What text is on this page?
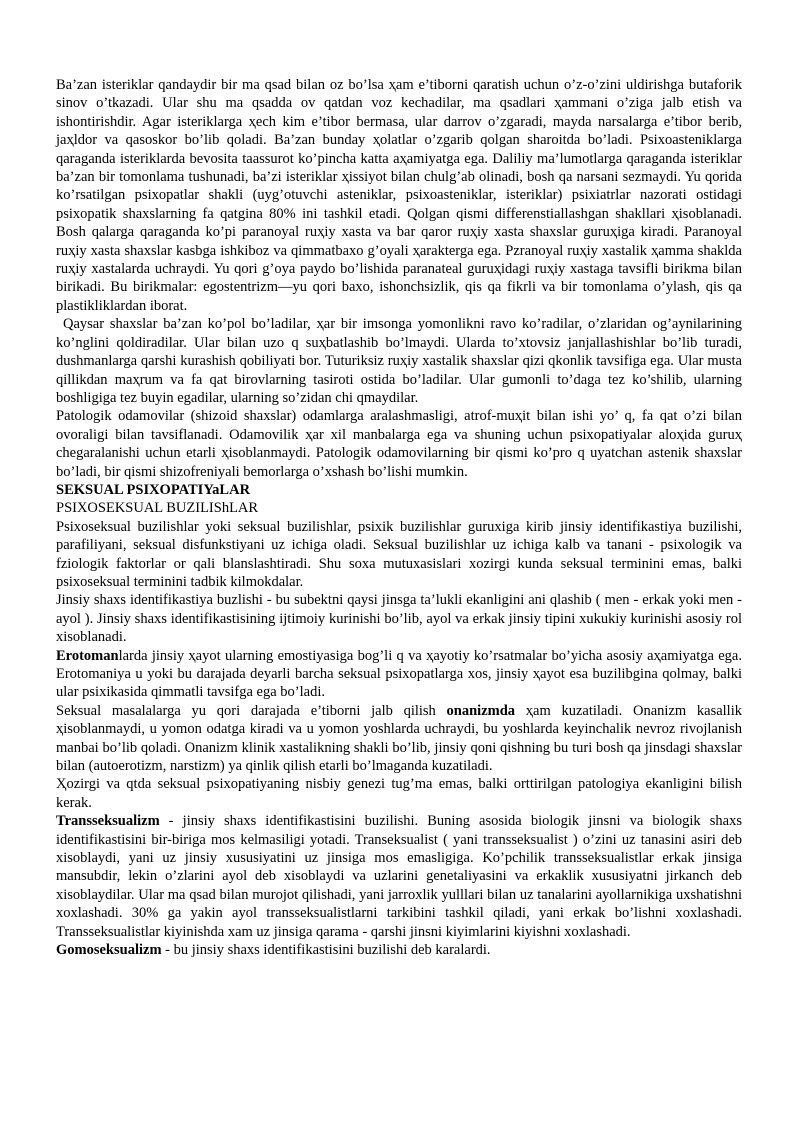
Ba’zan isteriklar qandaydir bir ma qsad bilan oz bo’lsa ҳam e’tiborni qaratish uchun o’z-o’zini uldirishga butaforik sinov o’tkazadi. Ular shu ma qsadda ov qatdan voz kechadilar, ma qsadlari ҳammani o’ziga jalb etish va ishontirishdir. Agar isteriklarga ҳech kim e’tibor bermasa, ular darrov o’zgaradi, mayda narsalarga e’tibor berib, jaҳldor va qasoskor bo’lib qoladi. Ba’zan bunday ҳolatlar o’zgarib qolgan sharoitda bo’ladi. Psixoasteniklarga qaraganda isteriklarda bevosita taassurot ko’pincha katta aҳamiyatga ega. Daliliy ma’lumotlarga qaraganda isteriklar ba’zan bir tomonlama tushunadi, ba’zi isteriklar ҳissiyot bilan chulg’ab olinadi, bosh qa narsani sezmaydi. Yu qorida ko’rsatilgan psixopatlar shakli (uyg’otuvchi asteniklar, psixoasteniklar, isteriklar) psixiatrlar nazorati ostidagi psixopatik shaxslarning fa qatgina 80% ini tashkil etadi. Qolgan qismi differenstiallashgan shakllari ҳisoblanadi. Bosh qalarga qaraganda ko’pi paranoyal ruҳiy xasta va bar qaror ruҳiy xasta shaxslar guruҳiga kiradi. Paranoyal ruҳiy xasta shaxslar kasbga ishkiboz va qimmatbaxo g’oyali ҳarakterga ega. Pzranoyal ruҳiy xastalik ҳamma shaklda ruҳiy xastalarda uchraydi. Yu qori g’oya paydo bo’lishida paranateal guruҳidagi ruҳiy xastaga tavsifli birikma bilan birikadi. Bu birikmalar: egostentrizm—yu qori baxo, ishonchsizlik, qis qa fikrli va bir tomonlama o’ylash, qis qa plastikliklardan iborat.

Qaysar shaxslar ba’zan ko’pol bo’ladilar, ҳar bir imsonga yomonlikni ravo ko’radilar, o’zlaridan og’aynilarining ko’nglini qoldiradilar. Ular bilan uzo q suҳbatlashib bo’lmaydi. Ularda to’xtovsiz janjallashishlar bo’lib turadi, dushmanlarga qarshi kurashish qobiliyati bor. Tuturiksiz ruҳiy xastalik shaxslar qizi qkonlik tavsifiga ega. Ular musta qillikdan maҳrum va fa qat birovlarning tasiroti ostida bo’ladilar. Ular gumonli to’daga tez ko’shilib, ularning boshligiga tez buyin egadilar, ularning so’zidan chi qmaydilar.

Patologik odamovilar (shizoid shaxslar) odamlarga aralashmasligi, atrof-muҳit bilan ishi yo’ q, fa qat o’zi bilan ovoraligi bilan tavsiflanadi. Odamovilik ҳar xil manbalarga ega va shuning uchun psixopatiyalar aloҳida guruҳ chegaralanishi uchun etarli ҳisoblanmaydi. Patologik odamovilarning bir qismi ko’pro q uyatchan astenik shaxslar bo’ladi, bir qismi shizofreniyali bemorlarga o’xshash bo’lishi mumkin.

SEKSUAL PSIXOPATIYaLAR

PSIXOSEKSUAL BUZILIShLAR

Psixoseksual buzilishlar yoki seksual buzilishlar, psixik buzilishlar guruxiga kirib jinsiy identifikastiya buzilishi, parafiliyani, seksual disfunkstiyani uz ichiga oladi. Seksual buzilishlar uz ichiga kalb va tanani - psixologik va fziologik faktorlar or qali blanslashtiradi. Shu soxa mutuxasislari xozirgi kunda seksual terminini emas, balki psixoseksual terminini tadbik kilmokdalar.

Jinsiy shaxs identifikastiya buzlishi - bu subektni qaysi jinsga ta’lukli ekanligini ani qlashib ( men - erkak yoki men - ayol ). Jinsiy shaxs identifikastisining ijtimoiy kurinishi bo’lib, ayol va erkak jinsiy tipini xukukiy kurinishi asosiy rol xisoblanadi.

Erotomanlarda jinsiy ҳayot ularning emostiyasiga bog’li q va ҳayotiy ko’rsatmalar bo’yicha asosiy aҳamiyatga ega. Erotomaniya u yoki bu darajada deyarli barcha seksual psixopatlarga xos, jinsiy ҳayot esa buzilibgina qolmay, balki ular psixikasida qimmatli tavsifga ega bo’ladi.

Seksual masalalarga yu qori darajada e’tiborni jalb qilish onanizmda ҳam kuzatiladi. Onanizm kasallik ҳisoblanmaydi, u yomon odatga kiradi va u yomon yoshlarda uchraydi, bu yoshlarda keyinchalik nevroz rivojlanish manbai bo’lib qoladi. Onanizm klinik xastalikning shakli bo’lib, jinsiy qoni qishning bu turi bosh qa jinsdagi shaxslar bilan (autoerotizm, narstizm) ya qinlik qilish etarli bo’lmaganda kuzatiladi.

Ҳozirgi va qtda seksual psixopatiyaning nisbiy genezi tug’ma emas, balki orttirilgan patologiya ekanligini bilish kerak.

Transseksualizm - jinsiy shaxs identifikastisini buzilishi. Buning asosida biologik jinsni va biologik shaxs identifikastisini bir-biriga mos kelmasiligi yotadi. Transeksualist ( yani transseksualist ) o’zini uz tanasini asiri deb xisoblaydi, yani uz jinsiy xususiyatini uz jinsiga mos emasligiga. Ko’pchilik transseksualistlar erkak jinsiga mansubdir, lekin o’zlarini ayol deb xisoblaydi va uzlarini genetaliyasini va erkaklik xususiyatni jirkanch deb xisoblaydilar. Ular ma qsad bilan murojot qilishadi, yani jarroxlik yulllari bilan uz tanalarini ayollarnikiga uxshatishni xoxlashadi. 30% ga yakin ayol transseksualistlarni tarkibini tashkil qiladi, yani erkak bo’lishni xoxlashadi. Transseksualistlar kiyinishda xam uz jinsiga qarama - qarshi jinsni kiyimlarini kiyishni xoxlashadi.

Gomoseksualizm - bu jinsiy shaxs identifikastisini buzilishi deb karalardi.
